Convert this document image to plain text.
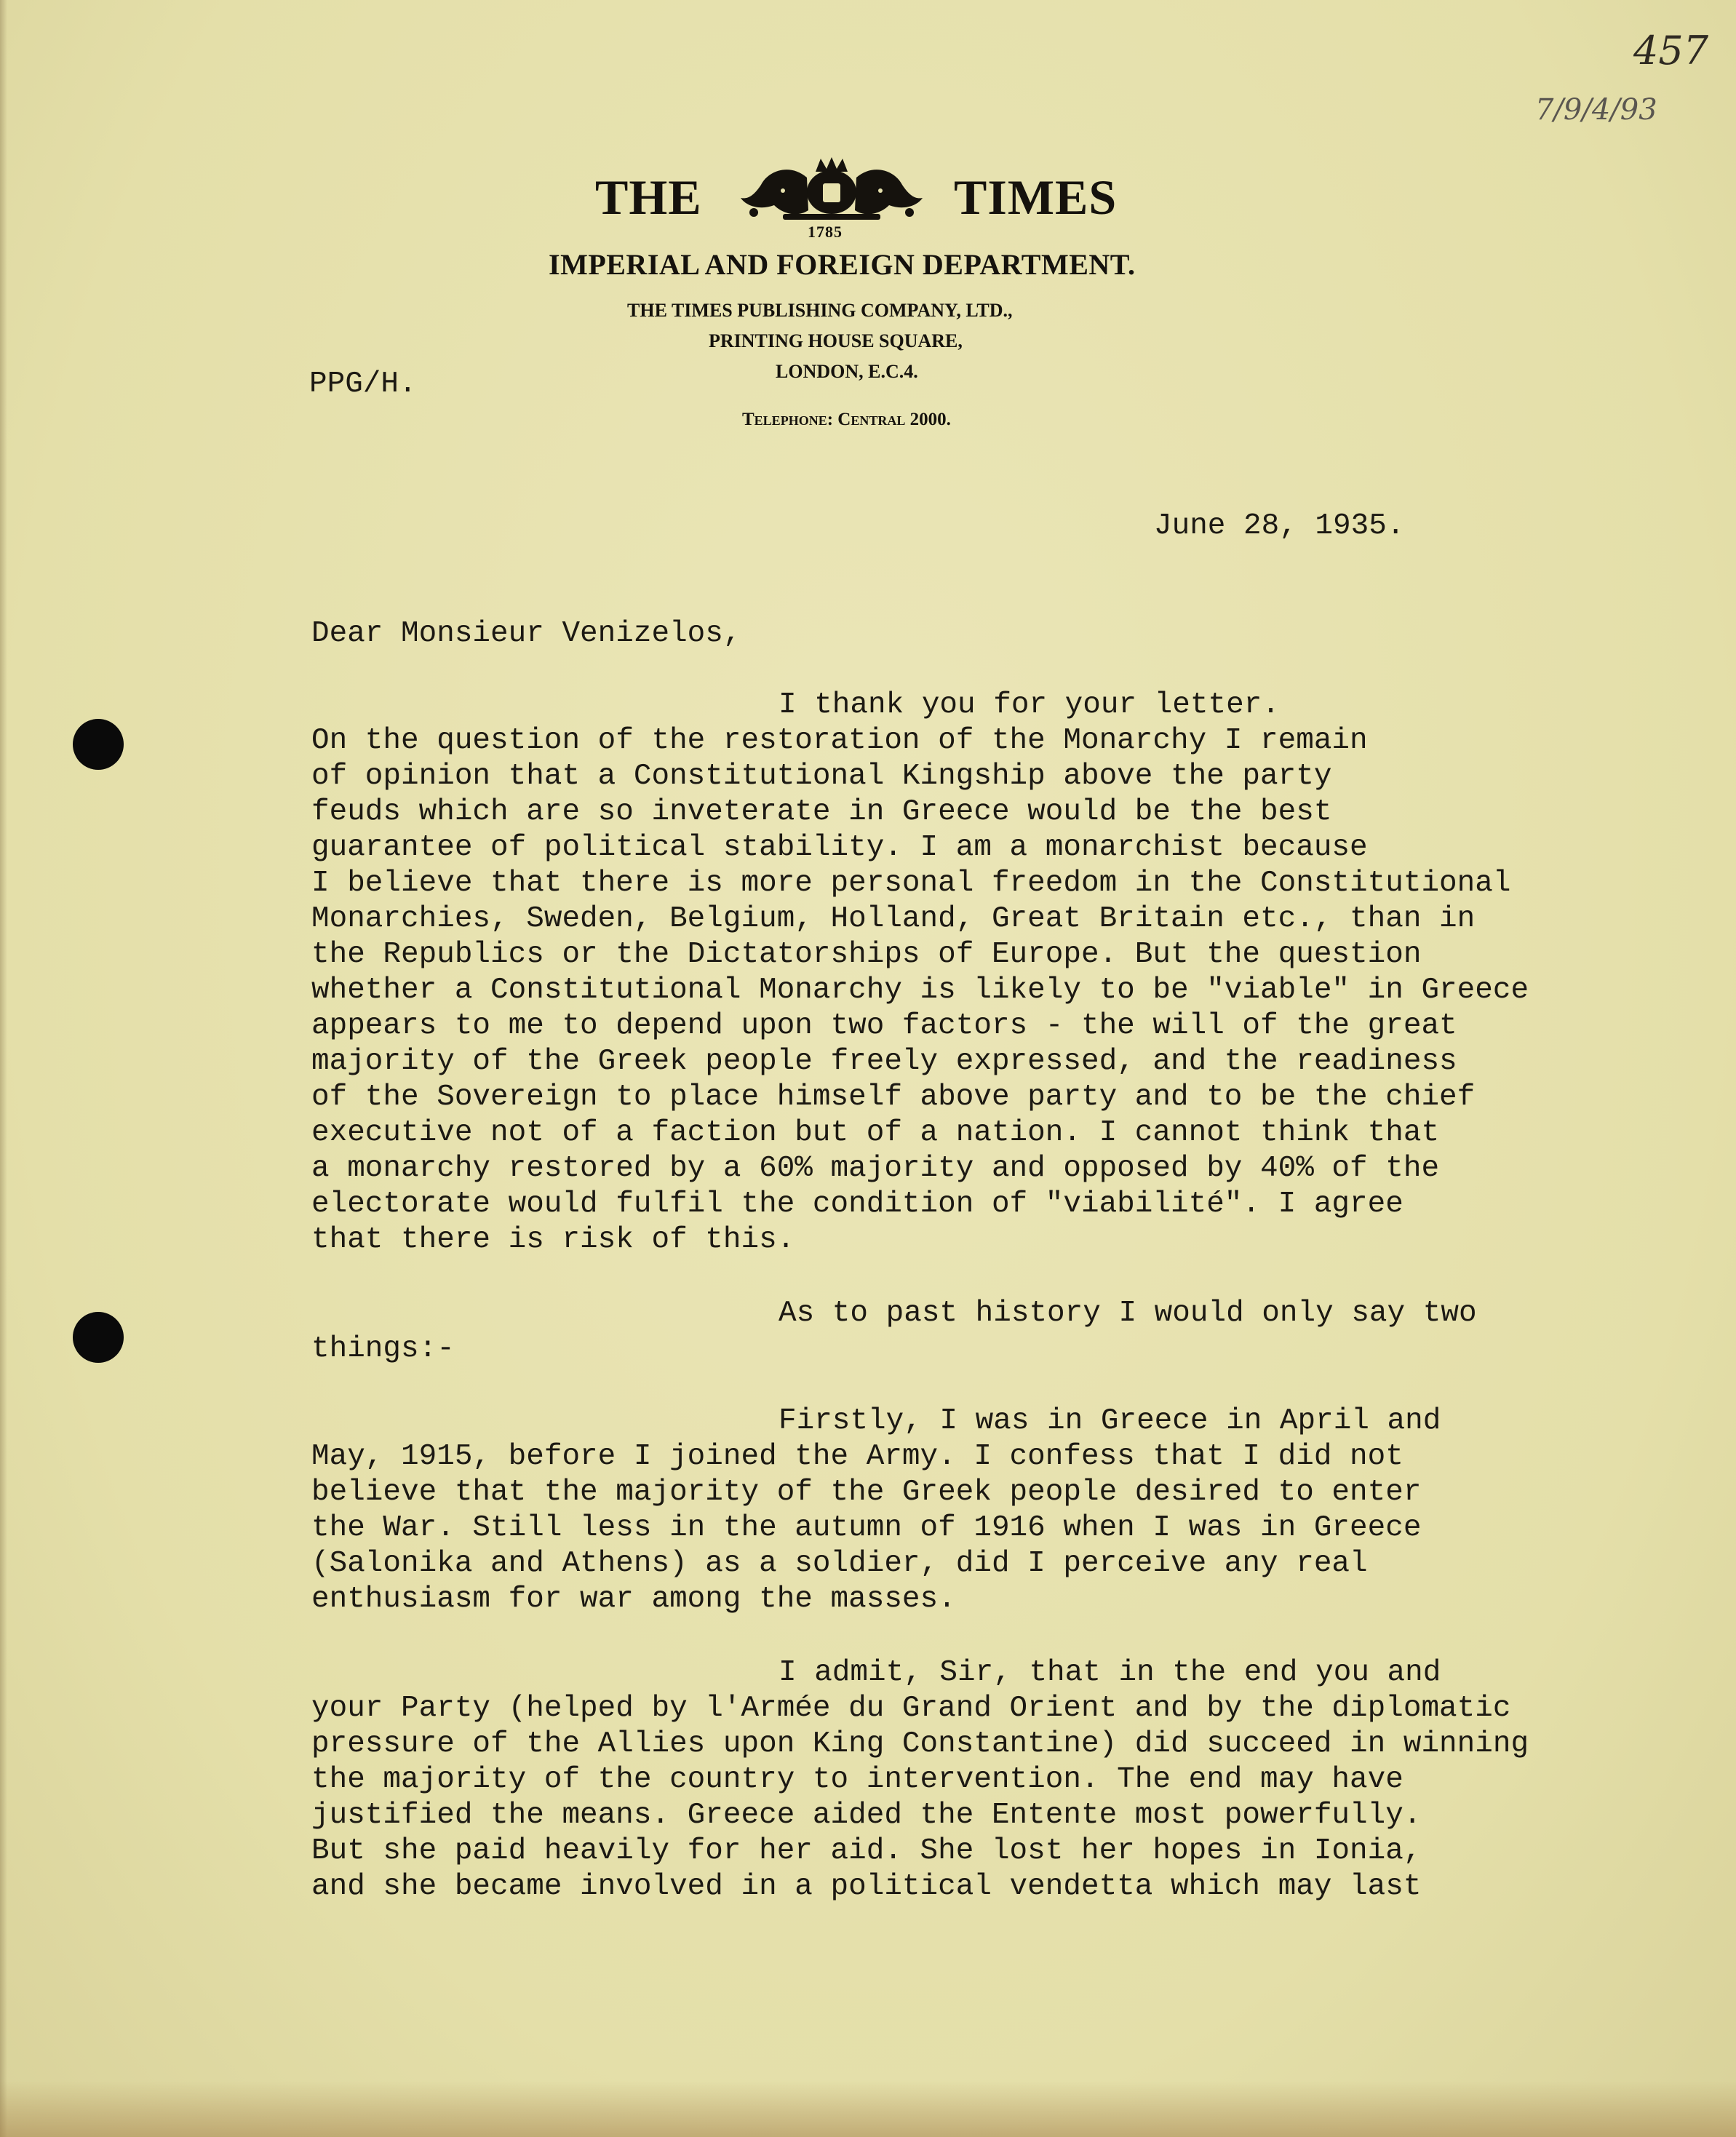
457
7/9/4/93
THE	TIMES
1785
IMPERIAL AND FOREIGN DEPARTMENT.
THE TIMES PUBLISHING COMPANY, LTD.,
PRINTING HOUSE SQUARE,
LONDON, E.C.4.
Telephone: Central 2000.
PPG/H.
June 28, 1935.
Dear Monsieur Venizelos,
I thank you for your letter.
On the question of the restoration of the Monarchy I remain
of opinion that a Constitutional Kingship above the party
feuds which are so inveterate in Greece would be the best
guarantee of political stability. I am a monarchist because
I believe that there is more personal freedom in the Constitutional
Monarchies, Sweden, Belgium, Holland, Great Britain etc., than in
the Republics or the Dictatorships of Europe. But the question
whether a Constitutional Monarchy is likely to be "viable" in Greece
appears to me to depend upon two factors - the will of the great
majority of the Greek people freely expressed, and the readiness
of the Sovereign to place himself above party and to be the chief
executive not of a faction but of a nation. I cannot think that
a monarchy restored by a 60% majority and opposed by 40% of the
electorate would fulfil the condition of "viabilité". I agree
that there is risk of this.
As to past history I would only say two
things:-
Firstly, I was in Greece in April and
May, 1915, before I joined the Army. I confess that I did not
believe that the majority of the Greek people desired to enter
the War. Still less in the autumn of 1916 when I was in Greece
(Salonika and Athens) as a soldier, did I perceive any real
enthusiasm for war among the masses.
I admit, Sir, that in the end you and
your Party (helped by l'Armée du Grand Orient and by the diplomatic
pressure of the Allies upon King Constantine) did succeed in winning
the majority of the country to intervention. The end may have
justified the means. Greece aided the Entente most powerfully.
But she paid heavily for her aid. She lost her hopes in Ionia,
and she became involved in a political vendetta which may last
